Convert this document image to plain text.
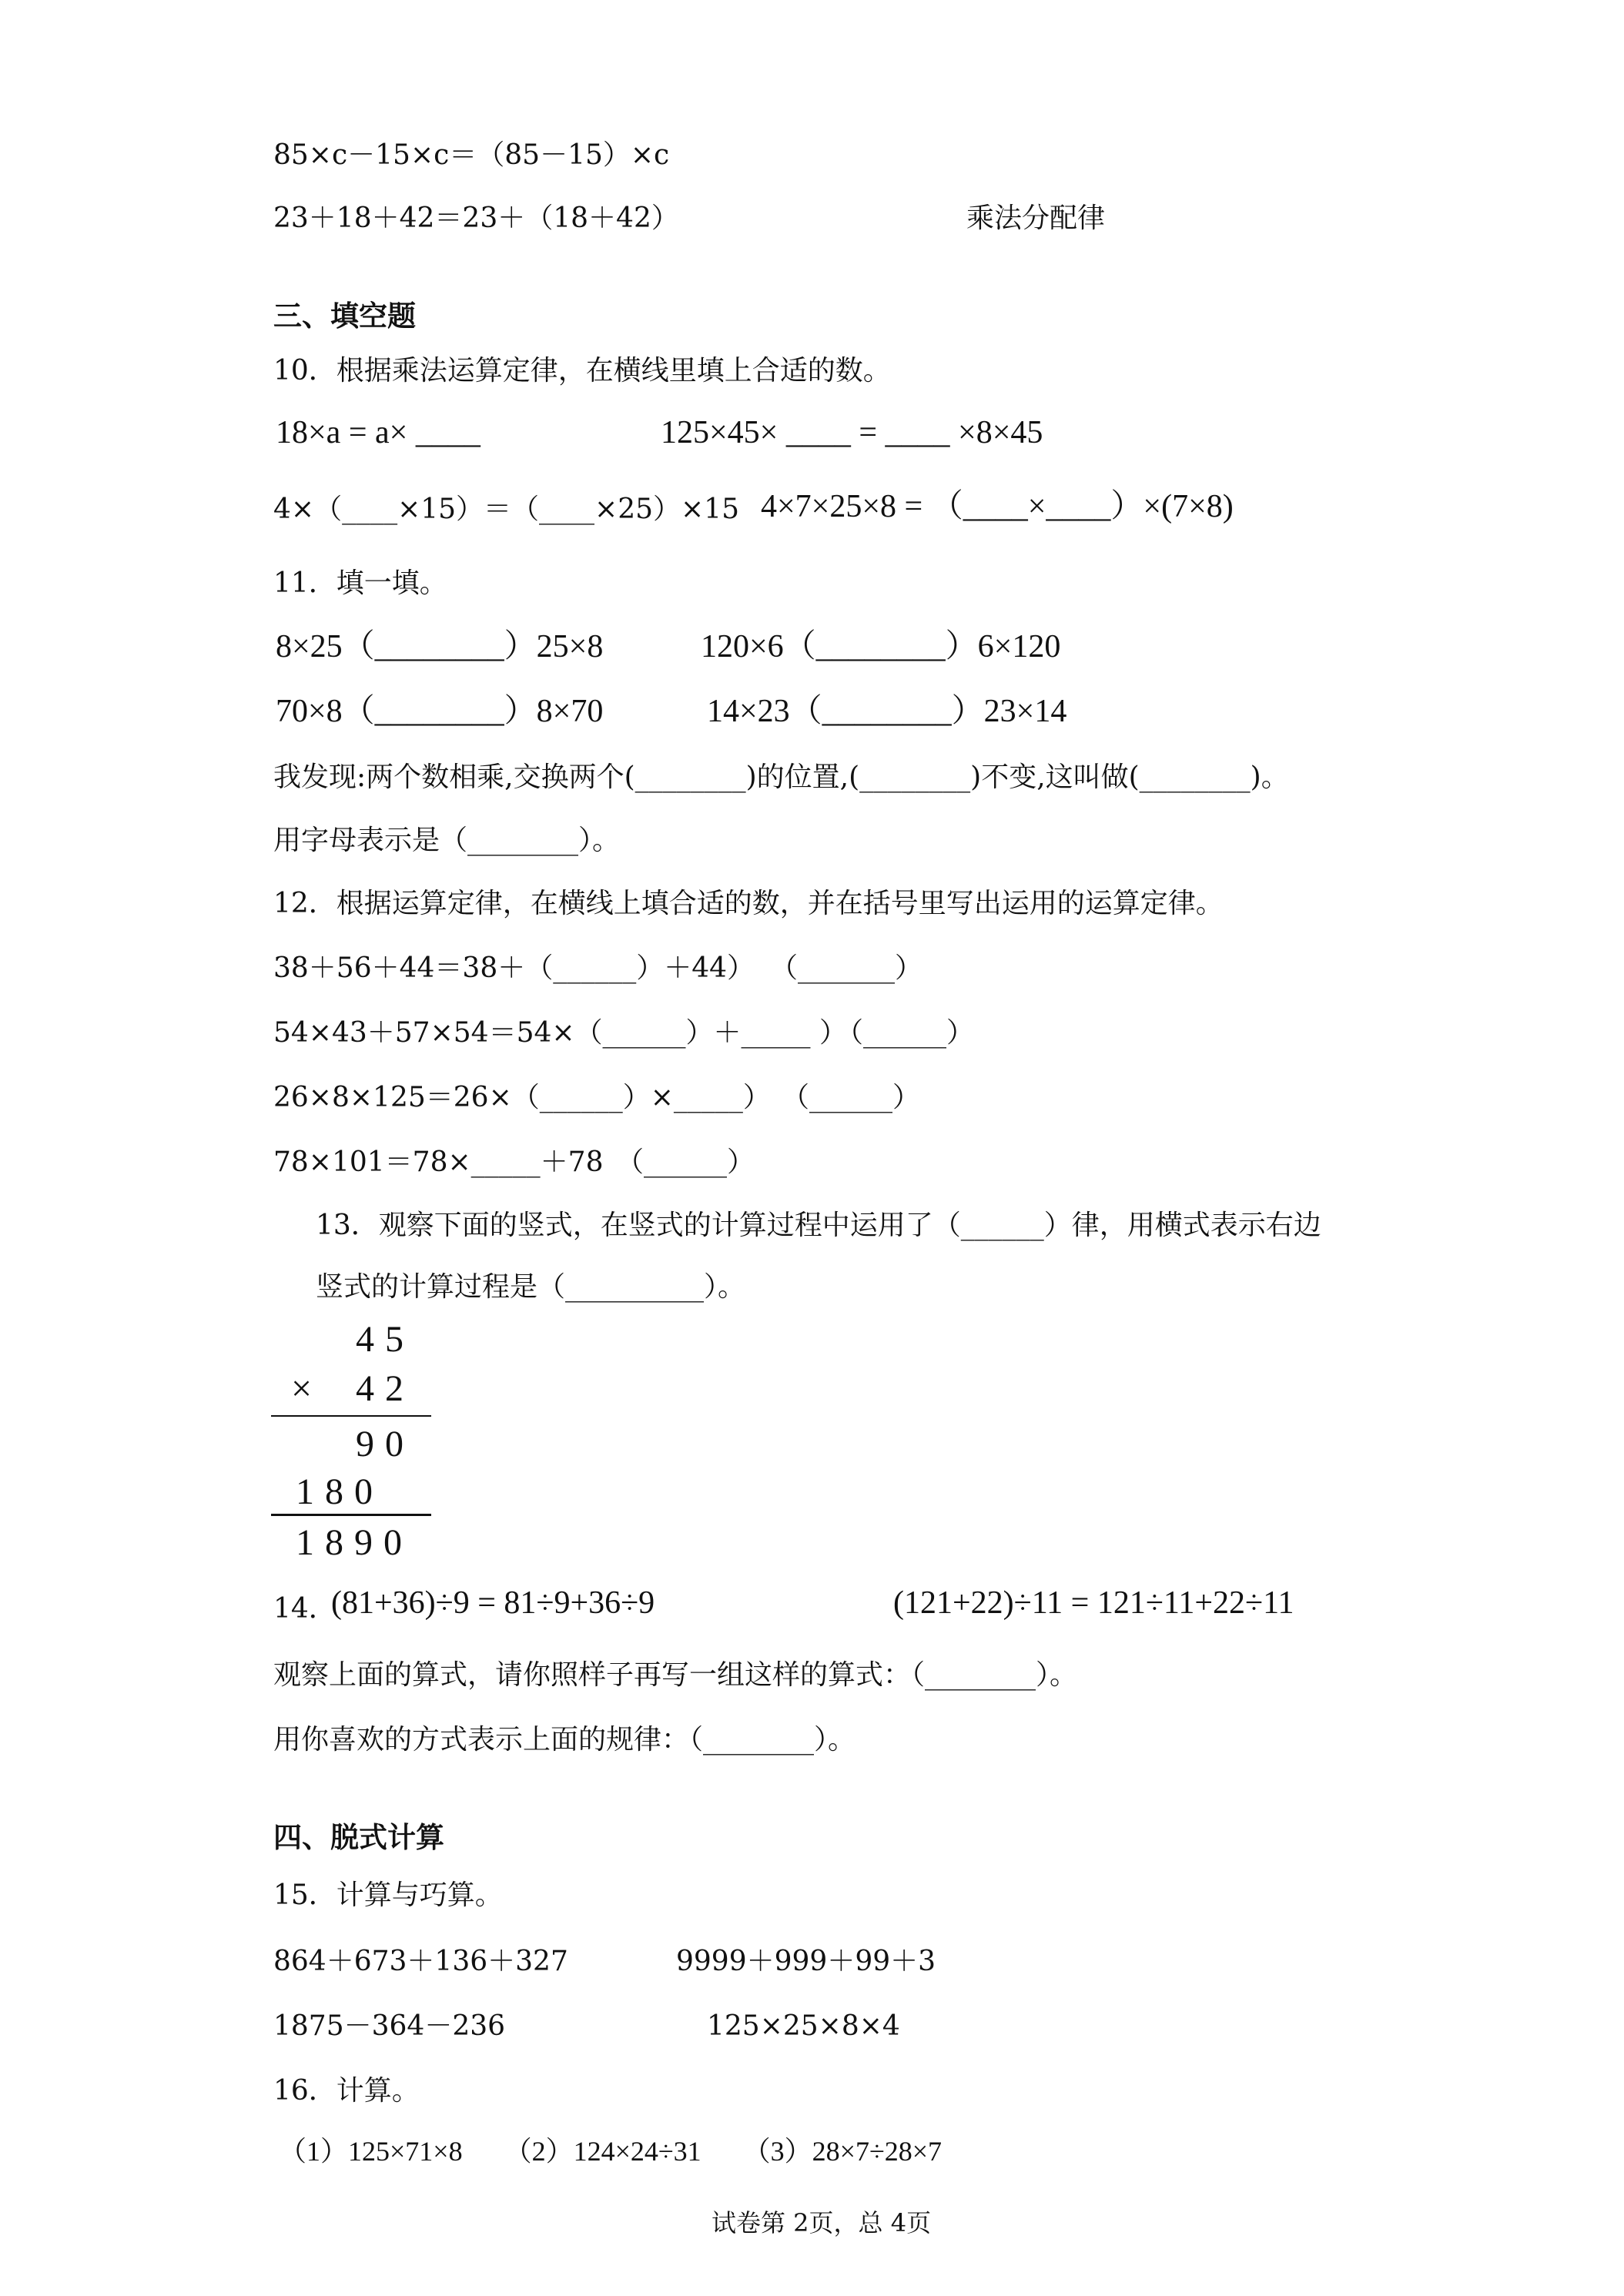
85×c－15×c＝（85－15）×c
23＋18＋42＝23＋（18＋42）	乘法分配律
三、填空题
10．根据乘法运算定律，在横线里填上合适的数。
18×a = a× ____	125×45× ____ = ____ ×8×45
4×（____×15）＝（____×25）×15 4×7×25×8 = （____×____）×(7×8)
11．填一填。
8×25（________）25×8	120×6（________）6×120
70×8（________）8×70	14×23（________）23×14
我发现:两个数相乘,交换两个(________)的位置,(________)不变,这叫做(________)。
用字母表示是（________）。
12．根据运算定律，在横线上填合适的数，并在括号里写出运用的运算定律。
38＋56＋44＝38＋（______）＋44） （_______）
54×43＋57×54＝54×（______）＋_____ ）
（______）
26×8×125＝26×（______）×_____） （______）
78×101＝78×_____＋78 （______）
13．观察下面的竖式，在竖式的计算过程中运用了（______）律，用横式表示右边
竖式的计算过程是（__________）。
45
× 42
90
180
1890
14．
(81+36)÷9 = 81÷9+36÷9	(121+22)÷11 = 121÷11+22÷11
观察上面的算式，请你照样子再写一组这样的算式：（________）。
用你喜欢的方式表示上面的规律：（________）。
四、脱式计算
15．计算与巧算。
864＋673＋136＋327	9999＋999＋99＋3
1875－364－236	125×25×8×4
16．计算。
（1）125×71×8　　（2）124×24÷31　　（3）28×7÷28×7
试卷第 2页，总 4页
